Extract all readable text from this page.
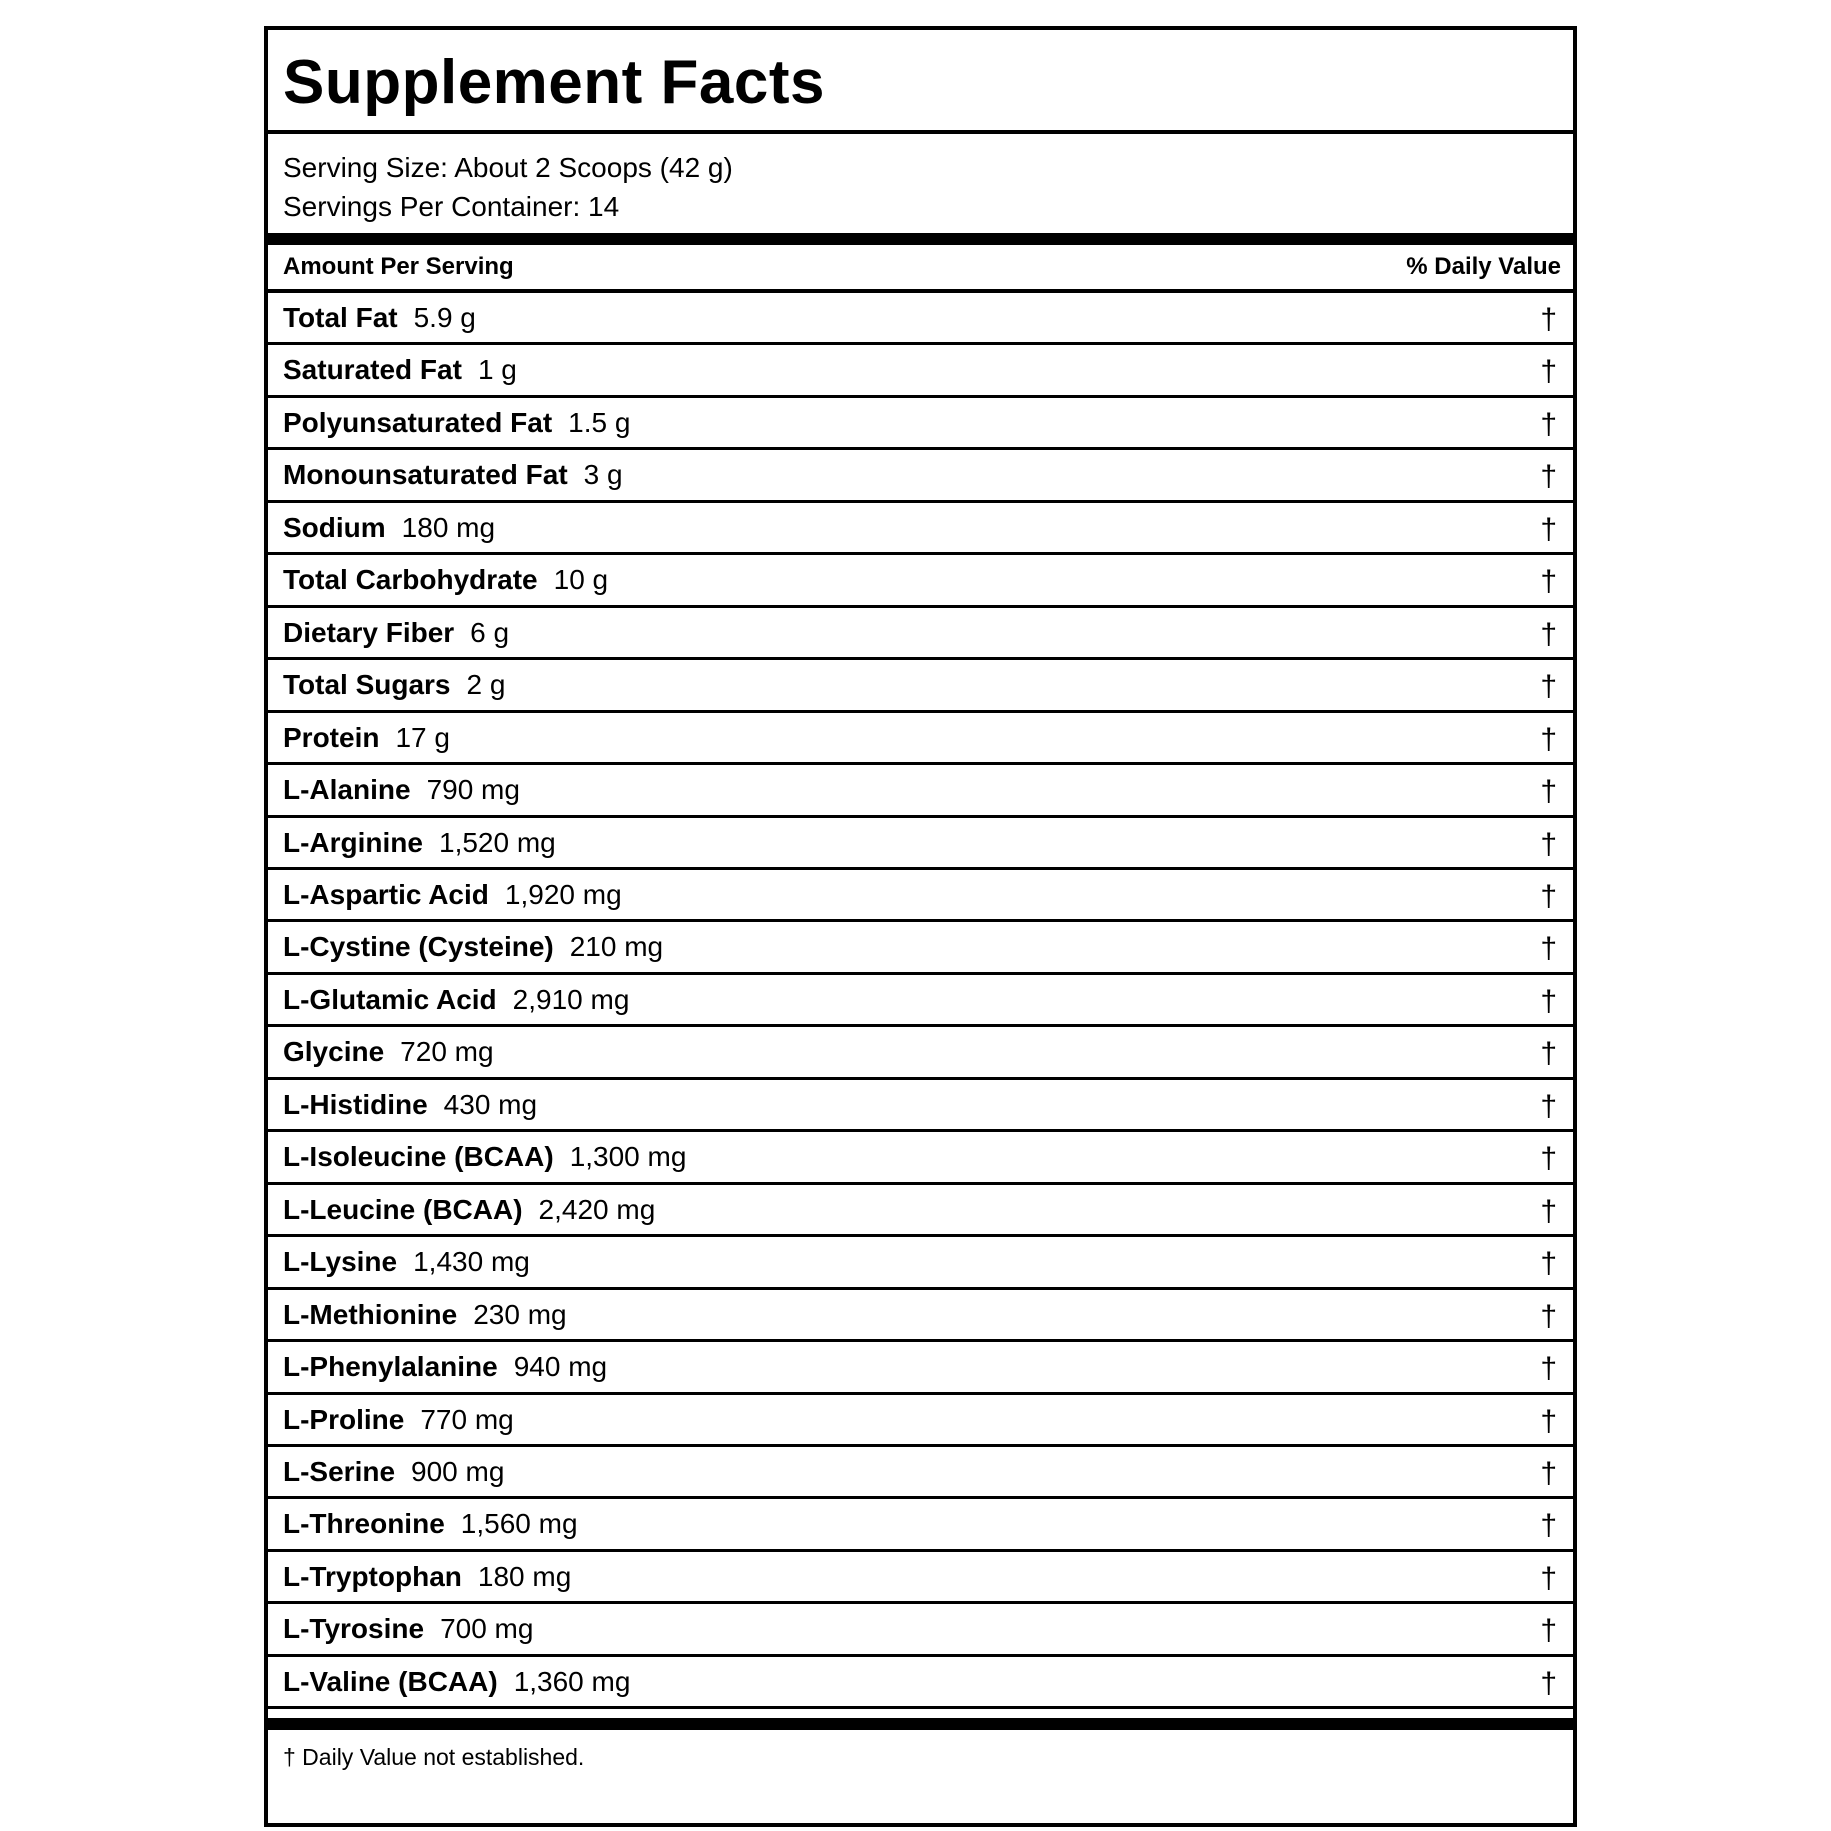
Supplement Facts
Serving Size: About 2 Scoops (42 g)
Servings Per Container: 14
Amount Per Serving	% Daily Value
Total Fat 5.9 g	†
Saturated Fat 1 g	†
Polyunsaturated Fat 1.5 g	†
Monounsaturated Fat 3 g	†
Sodium 180 mg	†
Total Carbohydrate 10 g	†
Dietary Fiber 6 g	†
Total Sugars 2 g	†
Protein 17 g	†
L-Alanine 790 mg	†
L-Arginine 1,520 mg	†
L-Aspartic Acid 1,920 mg	†
L-Cystine (Cysteine) 210 mg	†
L-Glutamic Acid 2,910 mg	†
Glycine 720 mg	†
L-Histidine 430 mg	†
L-Isoleucine (BCAA) 1,300 mg	†
L-Leucine (BCAA) 2,420 mg	†
L-Lysine 1,430 mg	†
L-Methionine 230 mg	†
L-Phenylalanine 940 mg	†
L-Proline 770 mg	†
L-Serine 900 mg	†
L-Threonine 1,560 mg	†
L-Tryptophan 180 mg	†
L-Tyrosine 700 mg	†
L-Valine (BCAA) 1,360 mg	†
† Daily Value not established.
